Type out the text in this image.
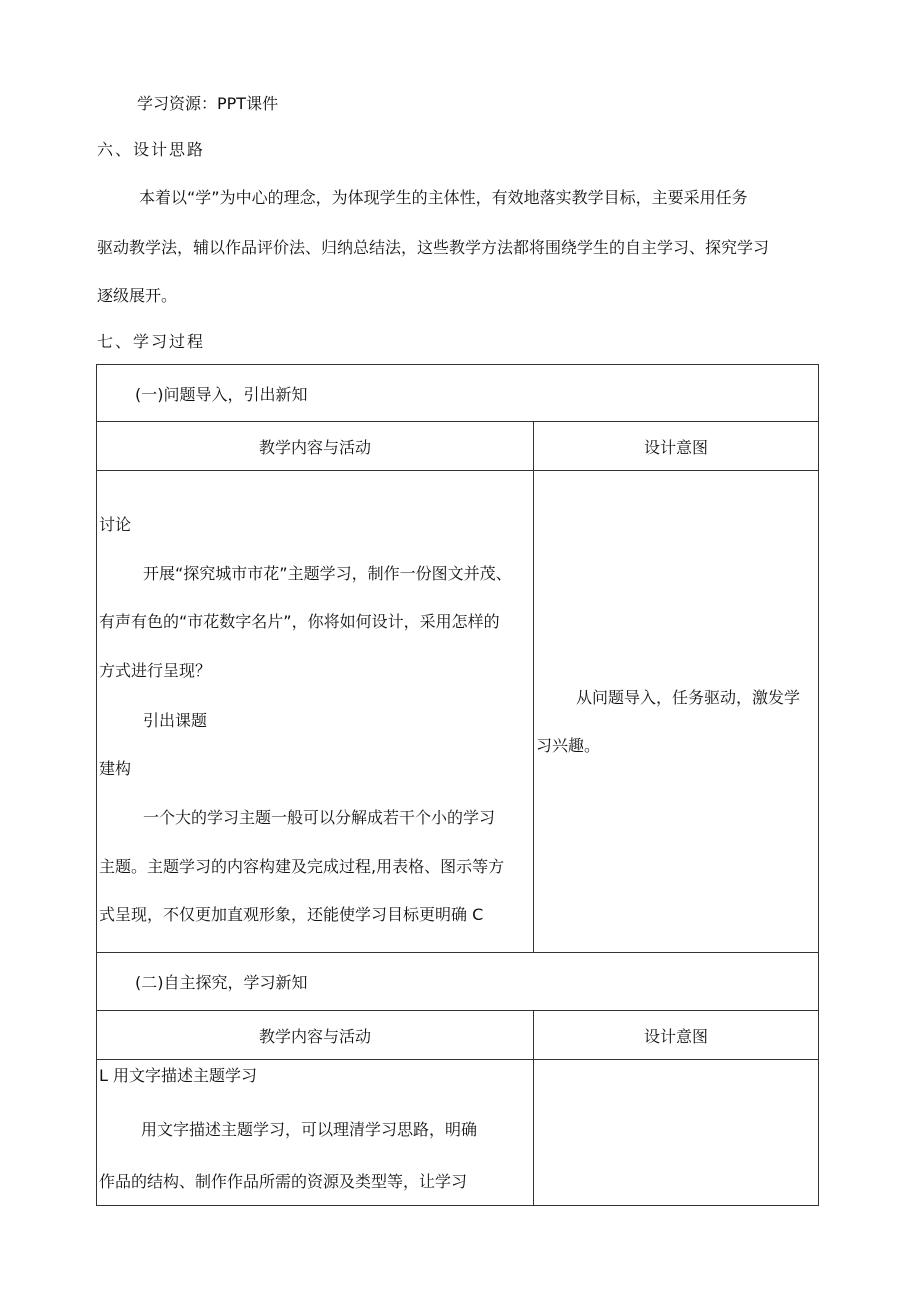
学习资源：PPT课件
六、设计思路
本着以“学”为中心的理念，为体现学生的主体性，有效地落实教学目标，主要采用任务
驱动教学法，辅以作品评价法、归纳总结法，这些教学方法都将围绕学生的自主学习、探究学习
逐级展开。
七、学习过程
(一)问题导入，引出新知
教学内容与活动	设计意图
讨论
开展“探究城市市花”主题学习，制作一份图文并茂、
有声有色的“市花数字名片”，你将如何设计，采用怎样的
方式进行呈现？
引出课题
建构
一个大的学习主题一般可以分解成若干个小的学习
主题。主题学习的内容构建及完成过程,用表格、图示等方
式呈现，不仅更加直观形象，还能使学习目标更明确 C
从问题导入，任务驱动，激发学
习兴趣。
(二)自主探究，学习新知
教学内容与活动	设计意图
L 用文字描述主题学习
用文字描述主题学习，可以理清学习思路，明确
作品的结构、制作作品所需的资源及类型等，让学习
